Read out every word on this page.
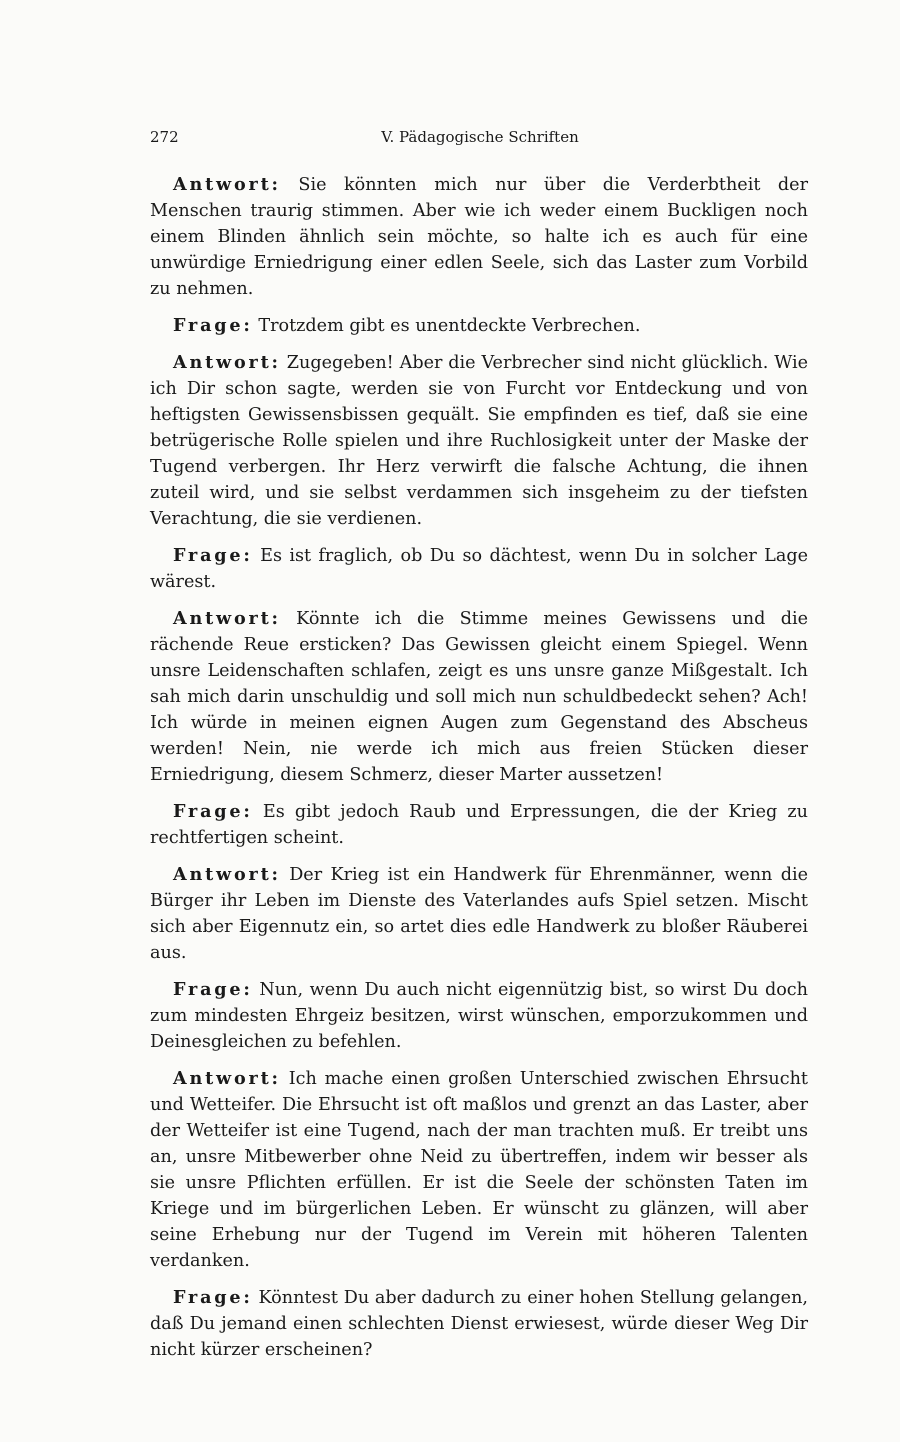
272	V. Pädagogische Schriften

Antwort: Sie könnten mich nur über die Verderbtheit der Menschen traurig stimmen. Aber wie ich weder einem Buckligen noch einem Blinden ähnlich sein möchte, so halte ich es auch für eine unwürdige Erniedrigung einer edlen Seele, sich das Laster zum Vorbild zu nehmen.

Frage: Trotzdem gibt es unentdeckte Verbrechen.

Antwort: Zugegeben! Aber die Verbrecher sind nicht glücklich. Wie ich Dir schon sagte, werden sie von Furcht vor Entdeckung und von heftigsten Gewissensbissen gequält. Sie empfinden es tief, daß sie eine betrügerische Rolle spielen und ihre Ruchlosigkeit unter der Maske der Tugend verbergen. Ihr Herz verwirft die falsche Achtung, die ihnen zuteil wird, und sie selbst verdammen sich insgeheim zu der tiefsten Verachtung, die sie verdienen.

Frage: Es ist fraglich, ob Du so dächtest, wenn Du in solcher Lage wärest.

Antwort: Könnte ich die Stimme meines Gewissens und die rächende Reue ersticken? Das Gewissen gleicht einem Spiegel. Wenn unsre Leidenschaften schlafen, zeigt es uns unsre ganze Mißgestalt. Ich sah mich darin unschuldig und soll mich nun schuldbedeckt sehen? Ach! Ich würde in meinen eignen Augen zum Gegenstand des Abscheus werden! Nein, nie werde ich mich aus freien Stücken dieser Erniedrigung, diesem Schmerz, dieser Marter aussetzen!

Frage: Es gibt jedoch Raub und Erpressungen, die der Krieg zu rechtfertigen scheint.

Antwort: Der Krieg ist ein Handwerk für Ehrenmänner, wenn die Bürger ihr Leben im Dienste des Vaterlandes aufs Spiel setzen. Mischt sich aber Eigennutz ein, so artet dies edle Handwerk zu bloßer Räuberei aus.

Frage: Nun, wenn Du auch nicht eigennützig bist, so wirst Du doch zum mindesten Ehrgeiz besitzen, wirst wünschen, emporzukommen und Deinesgleichen zu befehlen.

Antwort: Ich mache einen großen Unterschied zwischen Ehrsucht und Wetteifer. Die Ehrsucht ist oft maßlos und grenzt an das Laster, aber der Wetteifer ist eine Tugend, nach der man trachten muß. Er treibt uns an, unsre Mitbewerber ohne Neid zu übertreffen, indem wir besser als sie unsre Pflichten erfüllen. Er ist die Seele der schönsten Taten im Kriege und im bürgerlichen Leben. Er wünscht zu glänzen, will aber seine Erhebung nur der Tugend im Verein mit höheren Talenten verdanken.

Frage: Könntest Du aber dadurch zu einer hohen Stellung gelangen, daß Du jemand einen schlechten Dienst erwiesest, würde dieser Weg Dir nicht kürzer erscheinen?
